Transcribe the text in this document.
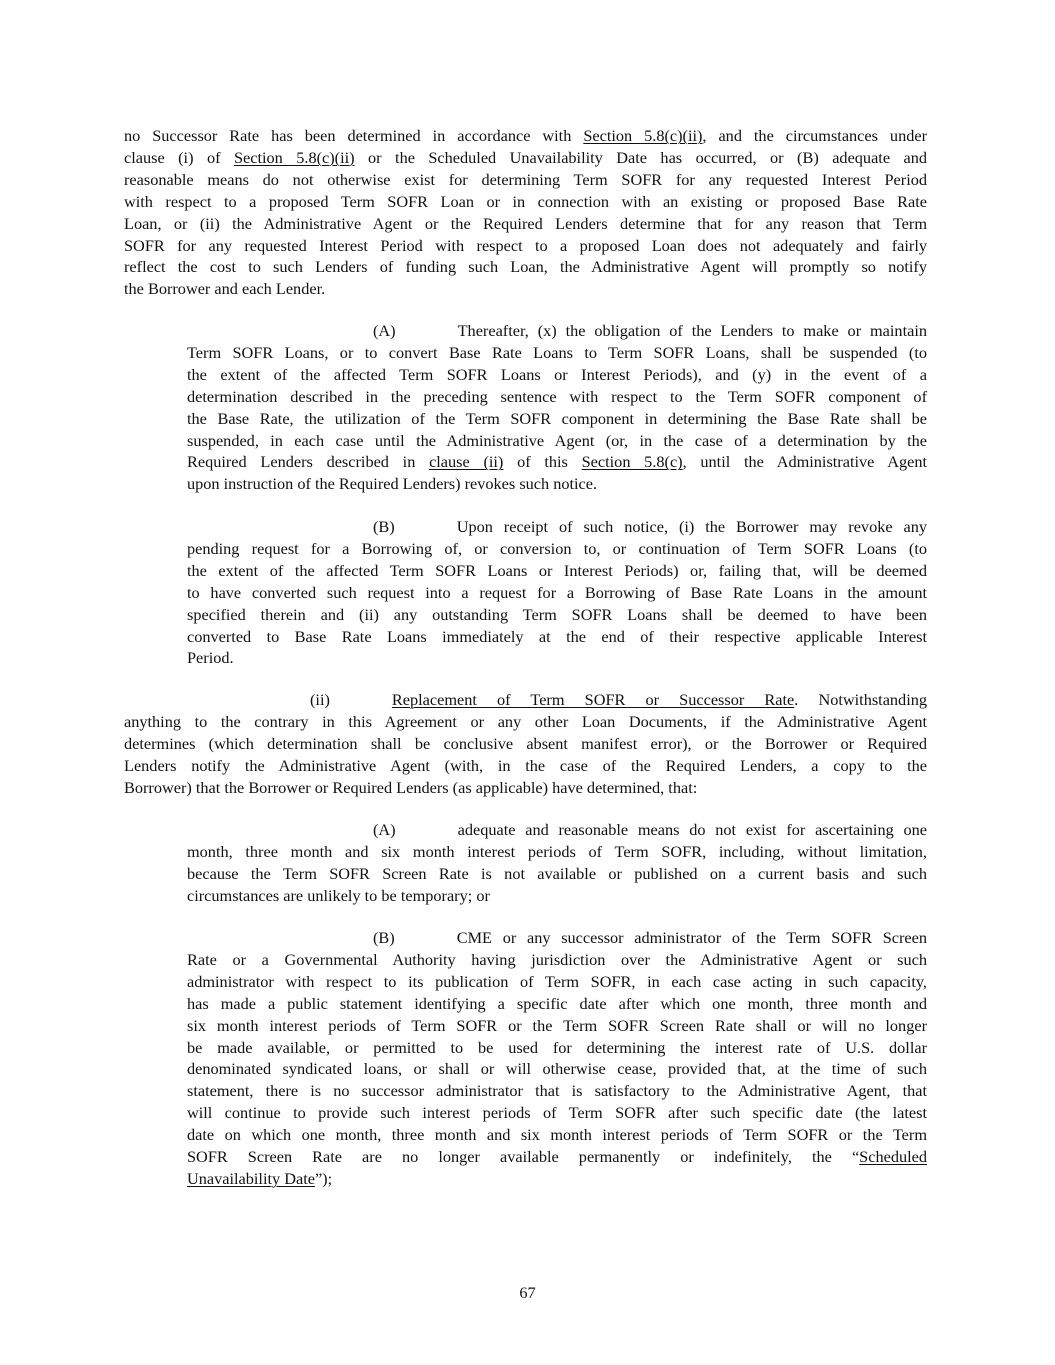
no Successor Rate has been determined in accordance with Section 5.8(c)(ii), and the circumstances under
clause (i) of Section 5.8(c)(ii) or the Scheduled Unavailability Date has occurred, or (B) adequate and
reasonable means do not otherwise exist for determining Term SOFR for any requested Interest Period
with respect to a proposed Term SOFR Loan or in connection with an existing or proposed Base Rate
Loan, or (ii) the Administrative Agent or the Required Lenders determine that for any reason that Term
SOFR for any requested Interest Period with respect to a proposed Loan does not adequately and fairly
reflect the cost to such Lenders of funding such Loan, the Administrative Agent will promptly so notify
the Borrower and each Lender.
(A)	Thereafter, (x) the obligation of the Lenders to make or maintain
Term SOFR Loans, or to convert Base Rate Loans to Term SOFR Loans, shall be suspended (to
the extent of the affected Term SOFR Loans or Interest Periods), and (y) in the event of a
determination described in the preceding sentence with respect to the Term SOFR component of
the Base Rate, the utilization of the Term SOFR component in determining the Base Rate shall be
suspended, in each case until the Administrative Agent (or, in the case of a determination by the
Required Lenders described in clause (ii) of this Section 5.8(c), until the Administrative Agent
upon instruction of the Required Lenders) revokes such notice.
(B)	Upon receipt of such notice, (i) the Borrower may revoke any
pending request for a Borrowing of, or conversion to, or continuation of Term SOFR Loans (to
the extent of the affected Term SOFR Loans or Interest Periods) or, failing that, will be deemed
to have converted such request into a request for a Borrowing of Base Rate Loans in the amount
specified therein and (ii) any outstanding Term SOFR Loans shall be deemed to have been
converted to Base Rate Loans immediately at the end of their respective applicable Interest
Period.
(ii)	Replacement of Term SOFR or Successor Rate. Notwithstanding
anything to the contrary in this Agreement or any other Loan Documents, if the Administrative Agent
determines (which determination shall be conclusive absent manifest error), or the Borrower or Required
Lenders notify the Administrative Agent (with, in the case of the Required Lenders, a copy to the
Borrower) that the Borrower or Required Lenders (as applicable) have determined, that:
(A)	adequate and reasonable means do not exist for ascertaining one
month, three month and six month interest periods of Term SOFR, including, without limitation,
because the Term SOFR Screen Rate is not available or published on a current basis and such
circumstances are unlikely to be temporary; or
(B)	CME or any successor administrator of the Term SOFR Screen
Rate or a Governmental Authority having jurisdiction over the Administrative Agent or such
administrator with respect to its publication of Term SOFR, in each case acting in such capacity,
has made a public statement identifying a specific date after which one month, three month and
six month interest periods of Term SOFR or the Term SOFR Screen Rate shall or will no longer
be made available, or permitted to be used for determining the interest rate of U.S. dollar
denominated syndicated loans, or shall or will otherwise cease, provided that, at the time of such
statement, there is no successor administrator that is satisfactory to the Administrative Agent, that
will continue to provide such interest periods of Term SOFR after such specific date (the latest
date on which one month, three month and six month interest periods of Term SOFR or the Term
SOFR Screen Rate are no longer available permanently or indefinitely, the “Scheduled
Unavailability Date”);
67
